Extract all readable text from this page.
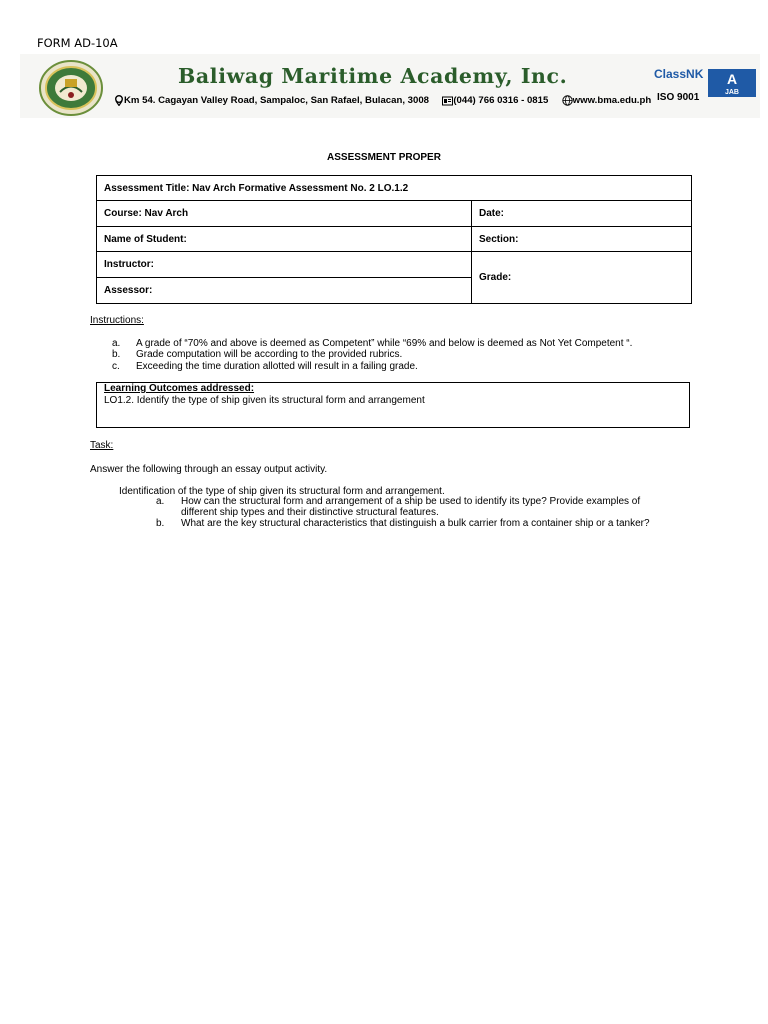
FORM AD-10A
Baliwag Maritime Academy, Inc.
Km 54. Cagayan Valley Road, Sampaloc, San Rafael, Bulacan, 3008	(044) 766 0316 - 0815	www.bma.edu.ph
ClassNK A
JAB
ISO 9001
ASSESSMENT PROPER
Assessment Title: Nav Arch Formative Assessment No. 2 LO.1.2	
Course: Nav Arch	Date:
Name of Student:	Section:
Instructor:	Grade:
Assessor:	
Instructions:
a.	A grade of “70% and above is deemed as Competent” while “69% and below is deemed as Not Yet Competent “.
b.	Grade computation will be according to the provided rubrics.
c.	Exceeding the time duration allotted will result in a failing grade.
Learning Outcomes addressed:
LO1.2. Identify the type of ship given its structural form and arrangement
Task:
Answer the following through an essay output activity.
Identification of the type of ship given its structural form and arrangement.
a.	How can the structural form and arrangement of a ship be used to identify its type? Provide examples of different ship types and their distinctive structural features.
b.	What are the key structural characteristics that distinguish a bulk carrier from a container ship or a tanker?
